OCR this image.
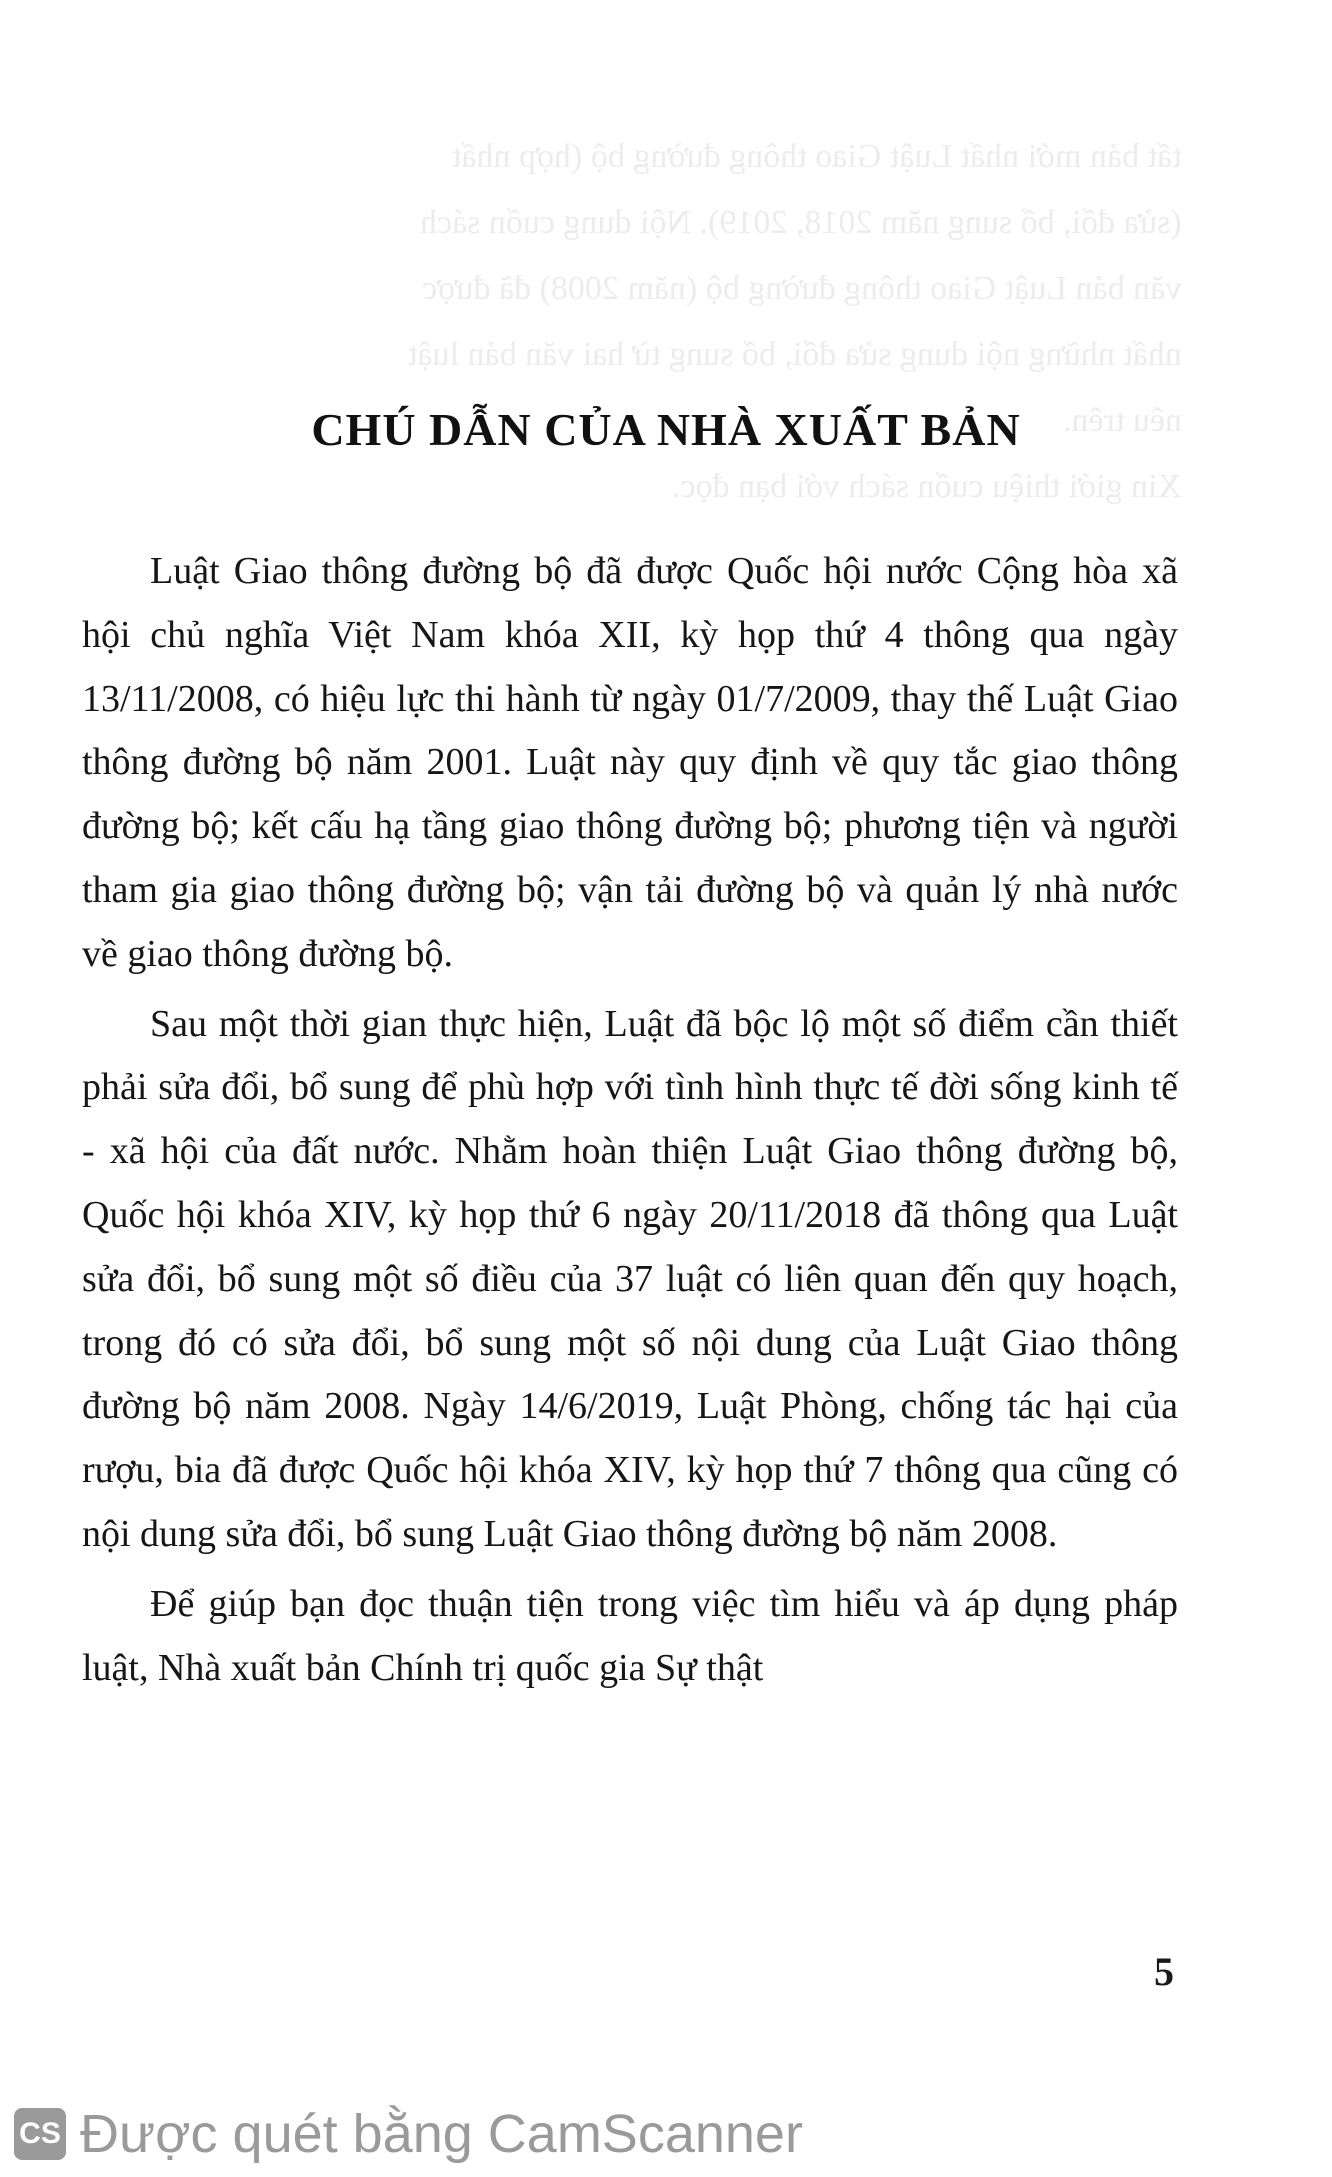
tất bản mới nhất Luật Giao thông đường bộ (hợp nhất

(sửa đổi, bổ sung năm 2018, 2019). Nội dung cuốn sách

văn bản Luật Giao thông đường bộ (năm 2008) đã được

nhất những nội dung sửa đổi, bổ sung từ hai văn bản luật

nêu trên.

Xin giới thiệu cuốn sách với bạn đọc.

CHÚ DẪN CỦA NHÀ XUẤT BẢN

Luật Giao thông đường bộ đã được Quốc hội nước Cộng hòa xã hội chủ nghĩa Việt Nam khóa XII, kỳ họp thứ 4 thông qua ngày 13/11/2008, có hiệu lực thi hành từ ngày 01/7/2009, thay thế Luật Giao thông đường bộ năm 2001. Luật này quy định về quy tắc giao thông đường bộ; kết cấu hạ tầng giao thông đường bộ; phương tiện và người tham gia giao thông đường bộ; vận tải đường bộ và quản lý nhà nước về giao thông đường bộ.

Sau một thời gian thực hiện, Luật đã bộc lộ một số điểm cần thiết phải sửa đổi, bổ sung để phù hợp với tình hình thực tế đời sống kinh tế - xã hội của đất nước. Nhằm hoàn thiện Luật Giao thông đường bộ, Quốc hội khóa XIV, kỳ họp thứ 6 ngày 20/11/2018 đã thông qua Luật sửa đổi, bổ sung một số điều của 37 luật có liên quan đến quy hoạch, trong đó có sửa đổi, bổ sung một số nội dung của Luật Giao thông đường bộ năm 2008. Ngày 14/6/2019, Luật Phòng, chống tác hại của rượu, bia đã được Quốc hội khóa XIV, kỳ họp thứ 7 thông qua cũng có nội dung sửa đổi, bổ sung Luật Giao thông đường bộ năm 2008.

Để giúp bạn đọc thuận tiện trong việc tìm hiểu và áp dụng pháp luật, Nhà xuất bản Chính trị quốc gia Sự thật

5
CS Được quét bằng CamScanner
